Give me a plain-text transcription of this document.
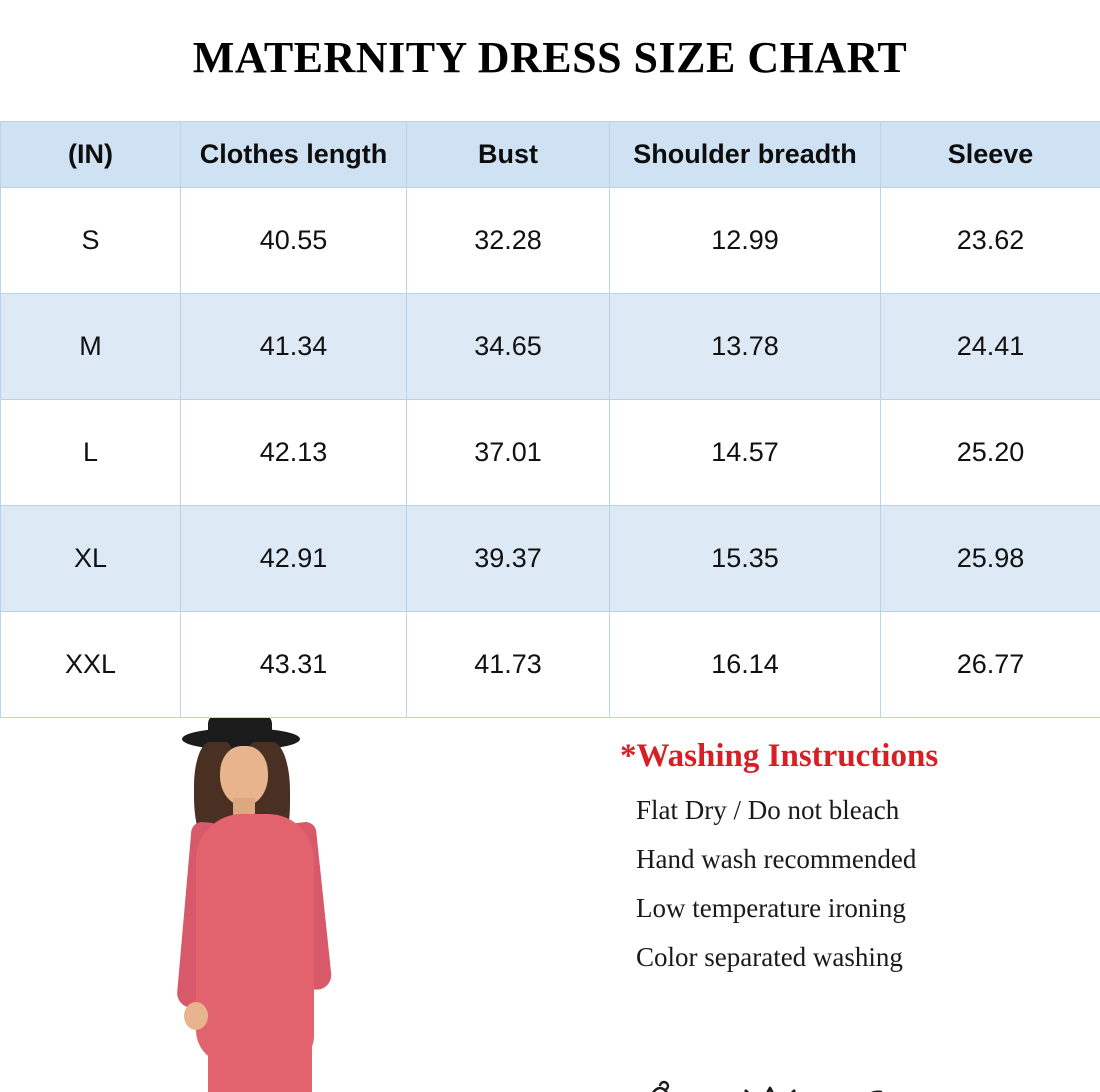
MATERNITY DRESS SIZE CHART
(IN)	Clothes length	Bust	Shoulder breadth	Sleeve
S	40.55	32.28	12.99	23.62
M	41.34	34.65	13.78	24.41
L	42.13	37.01	14.57	25.20
XL	42.91	39.37	15.35	25.98
XXL	43.31	41.73	16.14	26.77
*Washing Instructions
Flat Dry / Do not bleach
Hand wash recommended
Low temperature ironing
Color separated washing
